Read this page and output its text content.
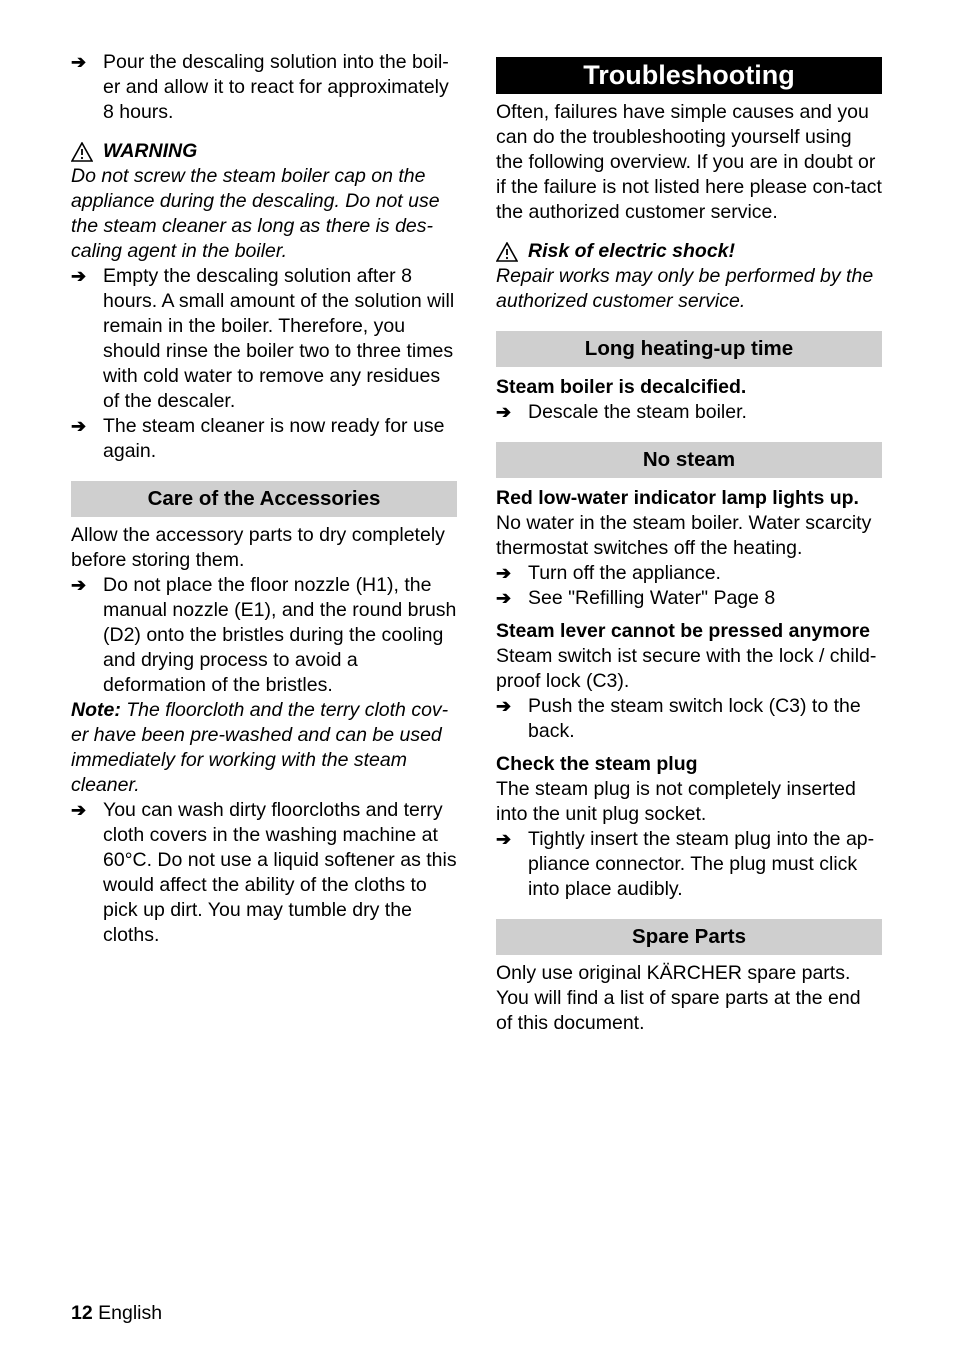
➔ Pour the descaling solution into the boil-er and allow it to react for approximately 8 hours.
WARNING

Do not screw the steam boiler cap on the appliance during the descaling. Do not use the steam cleaner as long as there is des-caling agent in the boiler.

➔ Empty the descaling solution after 8 hours. A small amount of the solution will remain in the boiler. Therefore, you should rinse the boiler two to three times with cold water to remove any residues of the descaler.
➔ The steam cleaner is now ready for use again.
Care of the Accessories

Allow the accessory parts to dry completely before storing them.

➔ Do not place the floor nozzle (H1), the manual nozzle (E1), and the round brush (D2) onto the bristles during the cooling and drying process to avoid a deformation of the bristles.

Note: The floorcloth and the terry cloth cov-er have been pre-washed and can be used immediately for working with the steam cleaner.

➔ You can wash dirty floorcloths and terry cloth covers in the washing machine at 60°C. Do not use a liquid softener as this would affect the ability of the cloths to pick up dirt. You may tumble dry the cloths.
Troubleshooting

Often, failures have simple causes and you can do the troubleshooting yourself using the following overview. If you are in doubt or if the failure is not listed here please con-tact the authorized customer service.

Risk of electric shock!

Repair works may only be performed by the authorized customer service.

Long heating-up time

Steam boiler is decalcified.

➔ Descale the steam boiler.
No steam

Red low-water indicator lamp lights up.

No water in the steam boiler. Water scarcity thermostat switches off the heating.

➔ Turn off the appliance.
➔ See "Refilling Water" Page 8

Steam lever cannot be pressed anymore

Steam switch ist secure with the lock / child-proof lock (C3).

➔ Push the steam switch lock (C3) to the back.

Check the steam plug

The steam plug is not completely inserted into the unit plug socket.

➔ Tightly insert the steam plug into the ap-pliance connector. The plug must click into place audibly.
Spare Parts

Only use original KÄRCHER spare parts. You will find a list of spare parts at the end of this document.

12 English
